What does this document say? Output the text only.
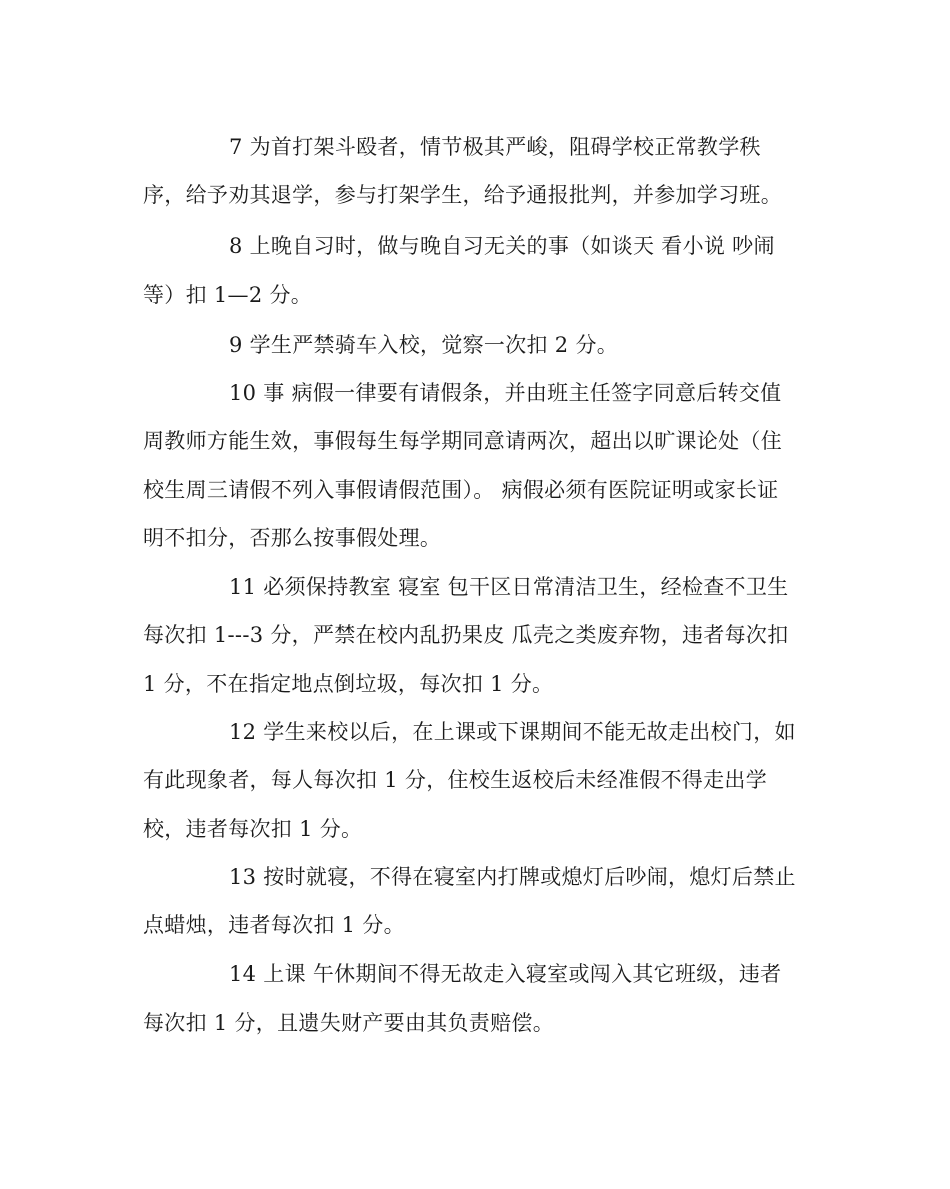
7 为首打架斗殴者，情节极其严峻，阻碍学校正常教学秩
序，给予劝其退学，参与打架学生，给予通报批判，并参加学习班。
8 上晚自习时，做与晚自习无关的事（如谈天 看小说 吵闹
等）扣 1—2 分。
9 学生严禁骑车入校，觉察一次扣 2 分。
10 事 病假一律要有请假条，并由班主任签字同意后转交值
周教师方能生效，事假每生每学期同意请两次，超出以旷课论处（住
校生周三请假不列入事假请假范围）。 病假必须有医院证明或家长证
明不扣分，否那么按事假处理。
11 必须保持教室 寝室 包干区日常清洁卫生，经检查不卫生
每次扣 1---3 分，严禁在校内乱扔果皮 瓜壳之类废弃物，违者每次扣
1 分，不在指定地点倒垃圾，每次扣 1 分。
12 学生来校以后，在上课或下课期间不能无故走出校门，如
有此现象者，每人每次扣 1 分，住校生返校后未经准假不得走出学
校，违者每次扣 1 分。
13 按时就寝，不得在寝室内打牌或熄灯后吵闹，熄灯后禁止
点蜡烛，违者每次扣 1 分。
14 上课 午休期间不得无故走入寝室或闯入其它班级，违者
每次扣 1 分，且遗失财产要由其负责赔偿。
